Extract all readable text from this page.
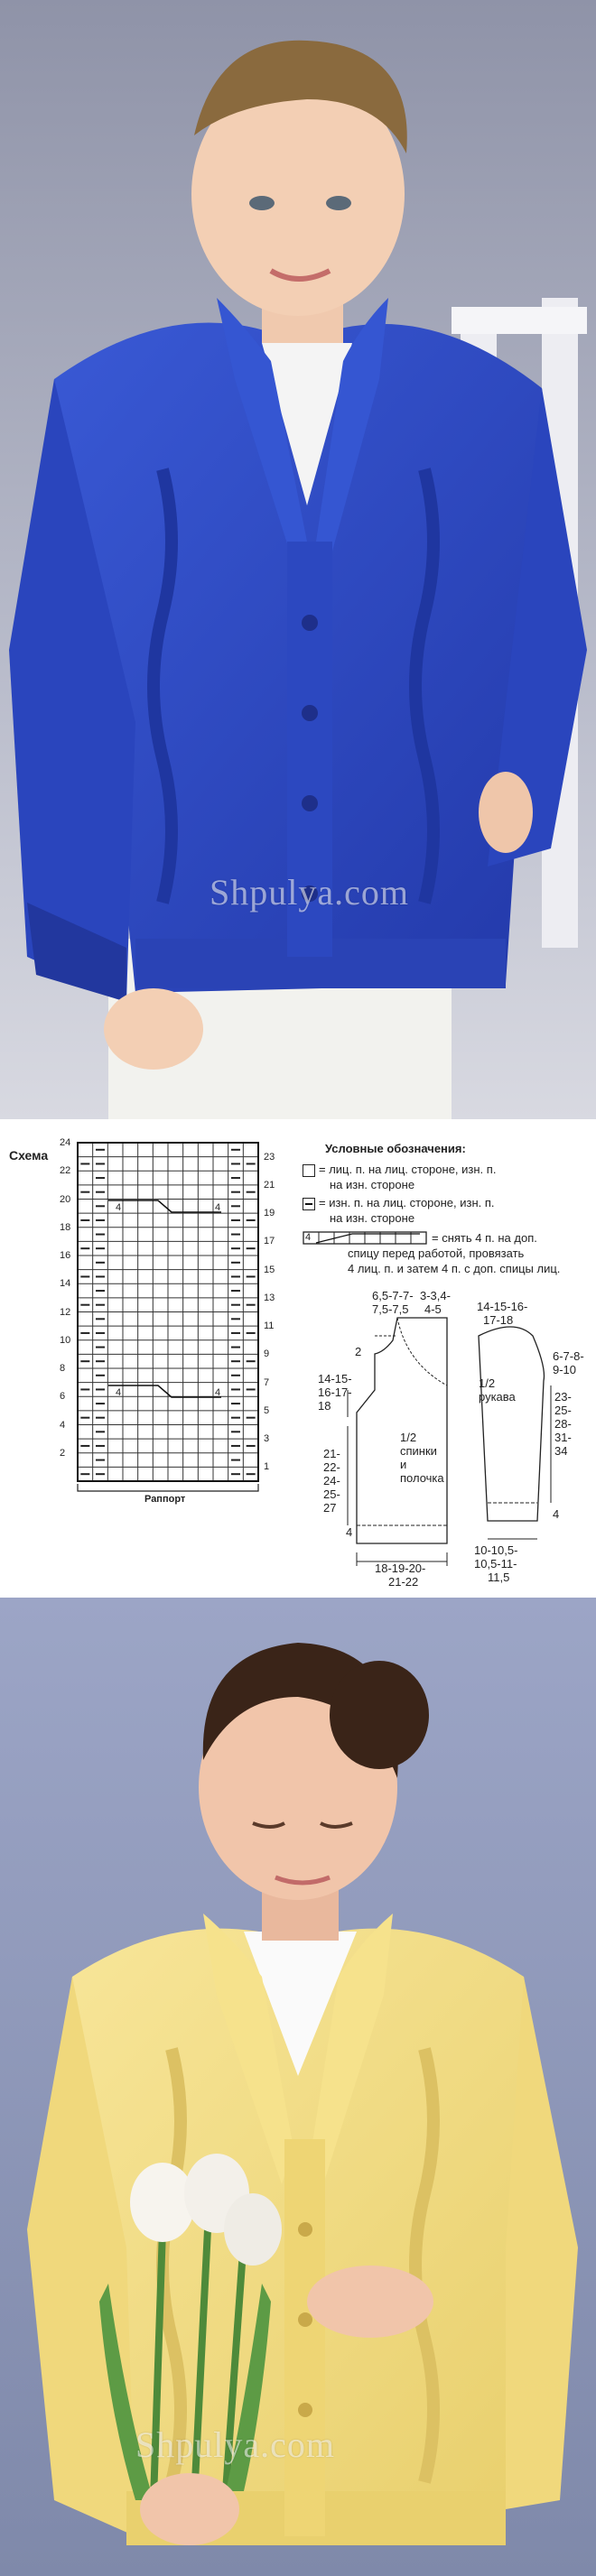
Shpulya.com
Схема
4	4
4	4
24
22
20
18
16
14
12
10
8
6
4
2
23
21
19
17
15
13
11
9
7
5
3
1
Раппорт
Условные обозначения:
= лиц. п. на лиц. стороне, изн. п.
на изн. стороне
= изн. п. на лиц. стороне, изн. п.
на изн. стороне
4	= снять 4 п. на доп.
спицу перед работой, провязать
4 лиц. п. и затем 4 п. с доп. спицы лиц.
6,5-7-7-
7,5-7,5
3-3,4-
4-5
2
14-15-
16-17-
18
1/2
спинки
и
полочка
21-
22-
24-
25-
27
4
18-19-20-
21-22
14-15-16-
17-18
6-7-8-
9-10
1/2
рукава	23-
25-
28-
31-
34
4
10-10,5-
10,5-11-
11,5
Shpulya.com
